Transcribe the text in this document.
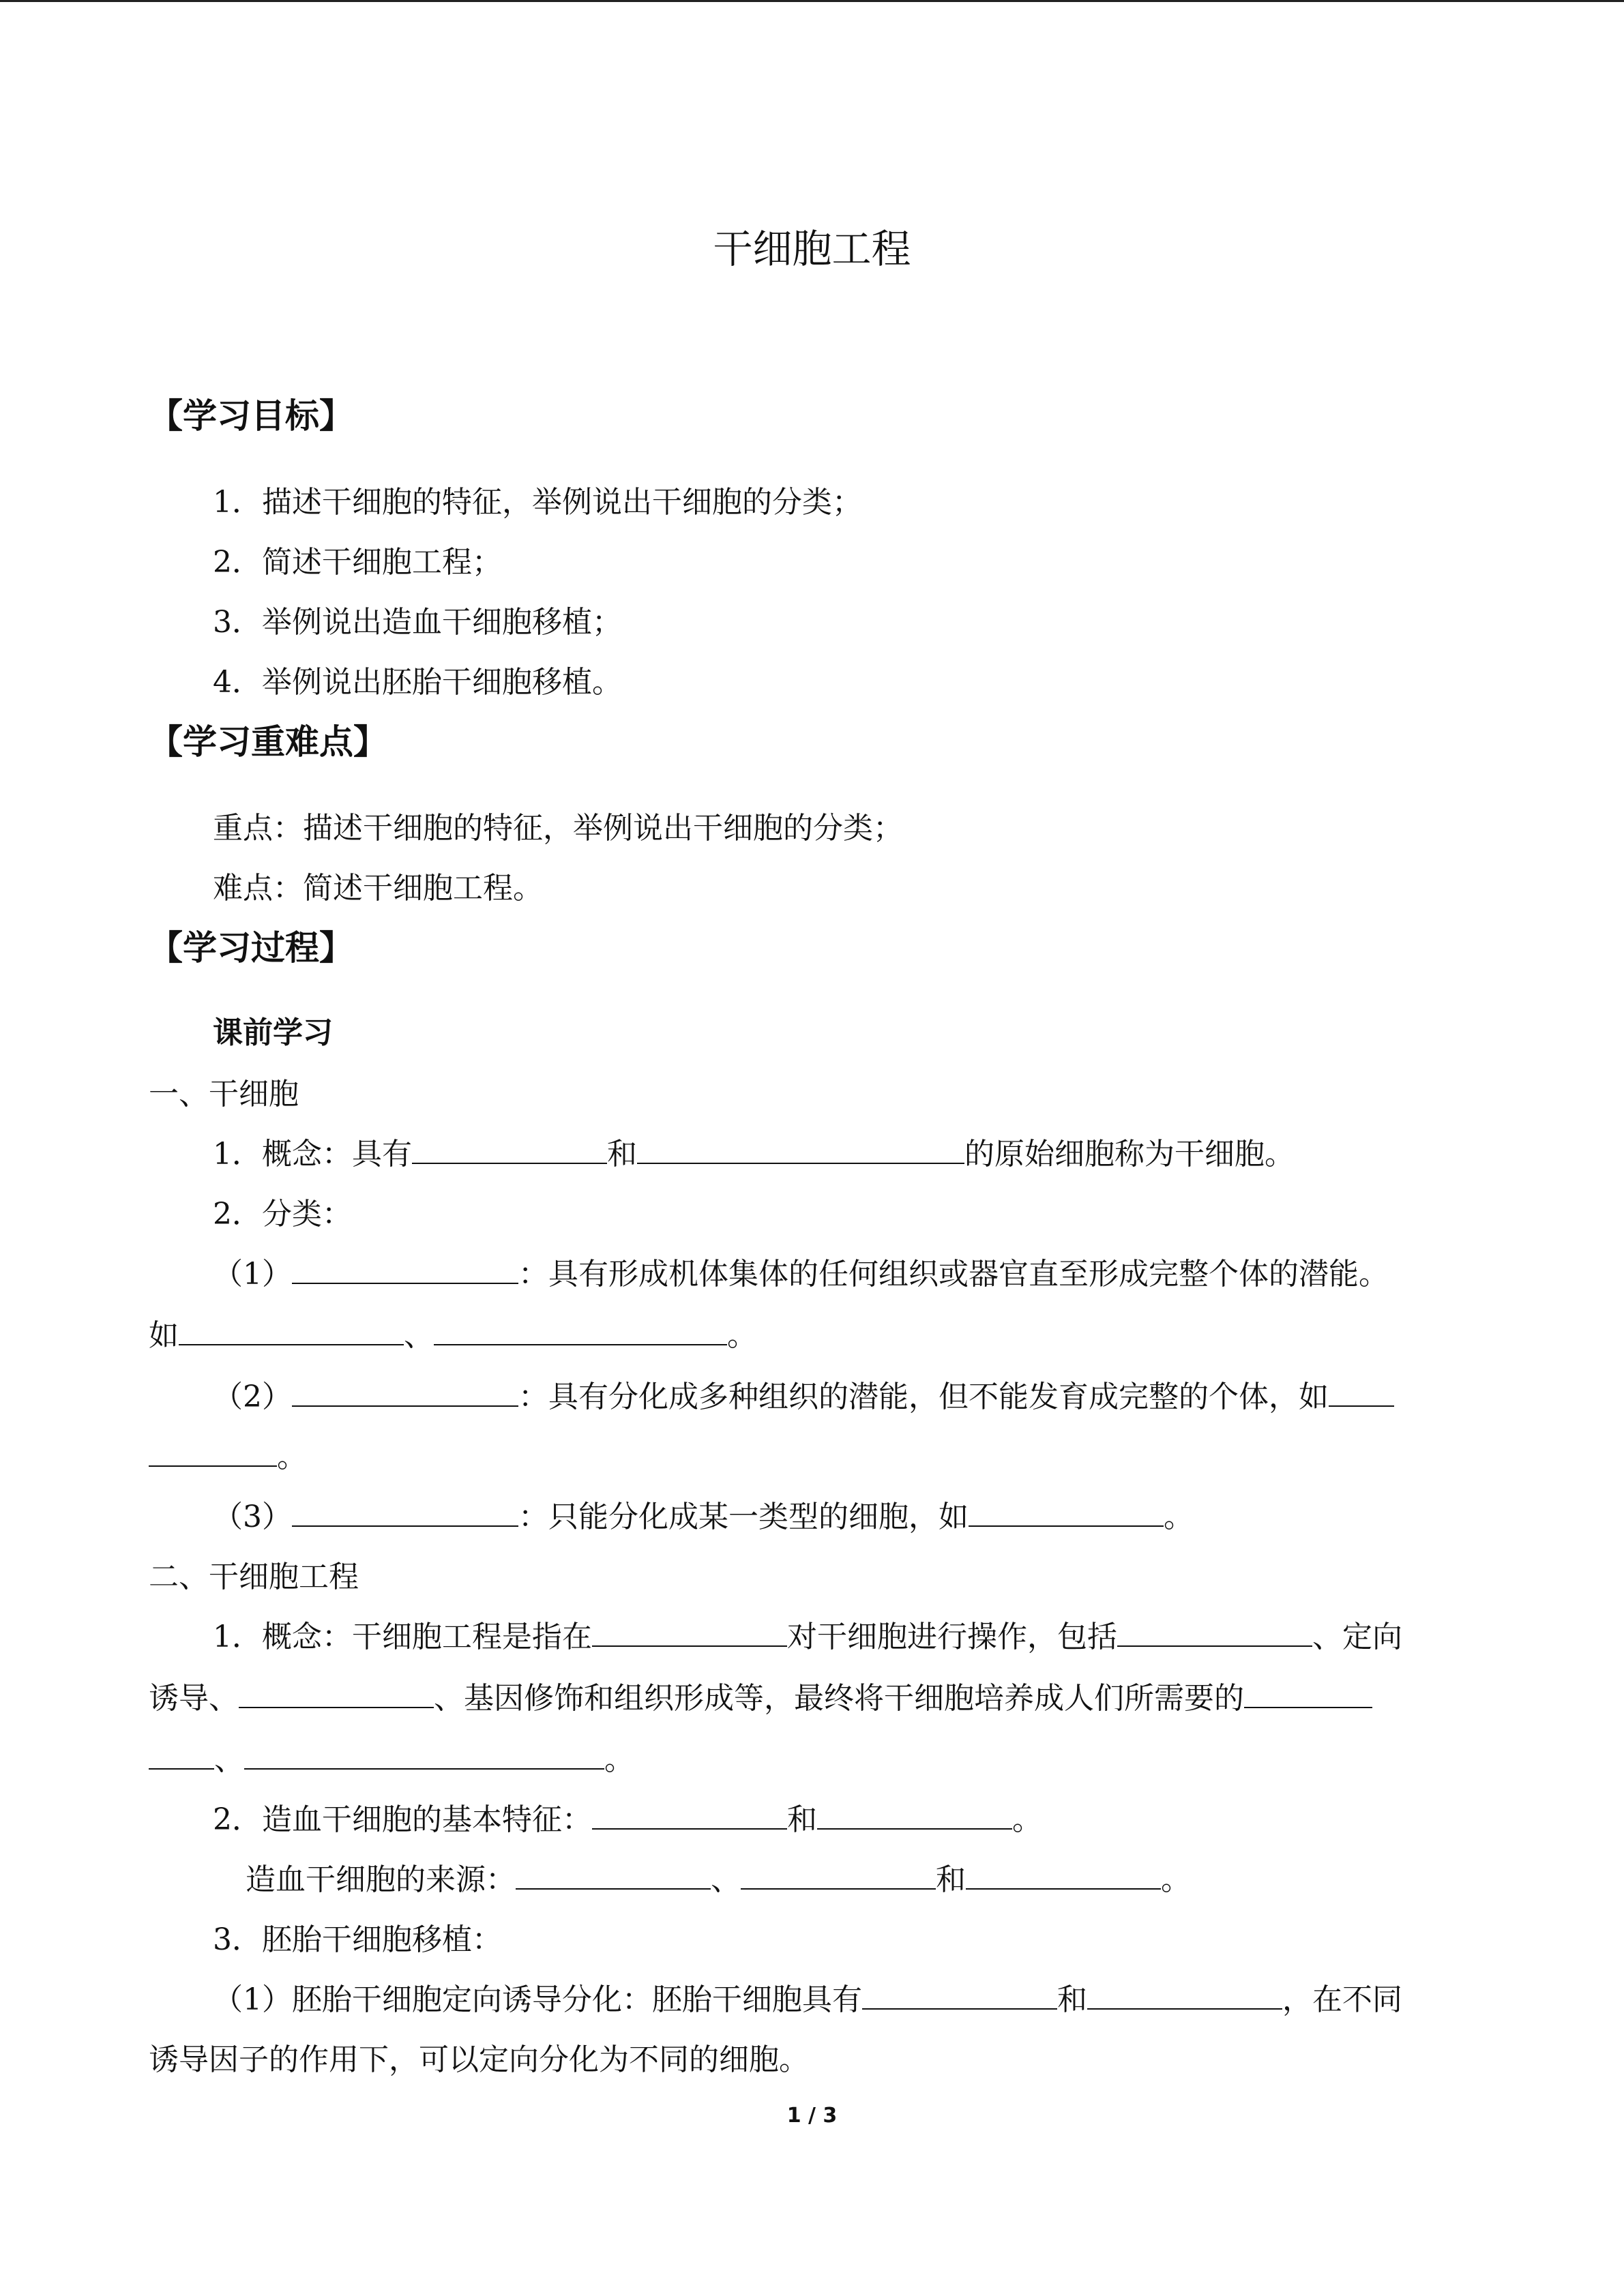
干细胞工程
【学习目标】
1．描述干细胞的特征，举例说出干细胞的分类；
2．简述干细胞工程；
3．举例说出造血干细胞移植；
4．举例说出胚胎干细胞移植。
【学习重难点】
重点：描述干细胞的特征，举例说出干细胞的分类；
难点：简述干细胞工程。
【学习过程】
课前学习
一、干细胞
1．概念：具有	和	的原始细胞称为干细胞。
2．分类：
（1）	：具有形成机体集体的任何组织或器官直至形成完整个体的潜能。
如	、	。
（2）	：具有分化成多种组织的潜能，但不能发育成完整的个体，如
。
（3）	：只能分化成某一类型的细胞，如	。
二、干细胞工程
1．概念：干细胞工程是指在	对干细胞进行操作，包括	、定向
诱导、	、基因修饰和组织形成等，最终将干细胞培养成人们所需要的
、	。
2．造血干细胞的基本特征：	和	。
造血干细胞的来源：	、	和	。
3．胚胎干细胞移植：
（1）胚胎干细胞定向诱导分化：胚胎干细胞具有	和	，在不同
诱导因子的作用下，可以定向分化为不同的细胞。
1 / 3
